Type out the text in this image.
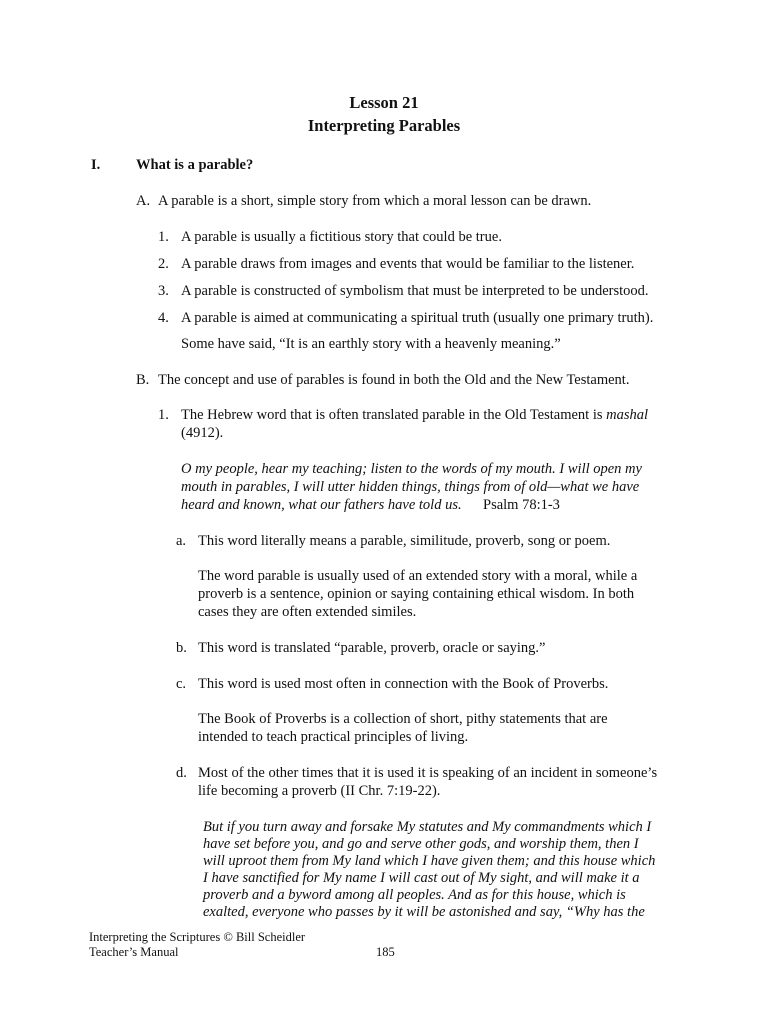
Lesson 21

Interpreting Parables

I. What is a parable?
A. A parable is a short, simple story from which a moral lesson can be drawn.
1. A parable is usually a fictitious story that could be true.
2. A parable draws from images and events that would be familiar to the listener.
3. A parable is constructed of symbolism that must be interpreted to be understood.
4. A parable is aimed at communicating a spiritual truth (usually one primary truth).
Some have said, “It is an earthly story with a heavenly meaning.”
B. The concept and use of parables is found in both the Old and the New Testament.
1. The Hebrew word that is often translated parable in the Old Testament is mashal
(4912).
O my people, hear my teaching; listen to the words of my mouth. I will open my
mouth in parables, I will utter hidden things, things from of old—what we have
heard and known, what our fathers have told us. Psalm 78:1-3
a. This word literally means a parable, similitude, proverb, song or poem.
The word parable is usually used of an extended story with a moral, while a
proverb is a sentence, opinion or saying containing ethical wisdom. In both
cases they are often extended similes.
b. This word is translated “parable, proverb, oracle or saying.”
c. This word is used most often in connection with the Book of Proverbs.
The Book of Proverbs is a collection of short, pithy statements that are
intended to teach practical principles of living.
d. Most of the other times that it is used it is speaking of an incident in someone’s
life becoming a proverb (II Chr. 7:19-22).
But if you turn away and forsake My statutes and My commandments which I
have set before you, and go and serve other gods, and worship them, then I
will uproot them from My land which I have given them; and this house which
I have sanctified for My name I will cast out of My sight, and will make it a
proverb and a byword among all peoples. And as for this house, which is
exalted, everyone who passes by it will be astonished and say, “Why has the
Interpreting the Scriptures © Bill Scheidler
Teacher’s Manual	185
